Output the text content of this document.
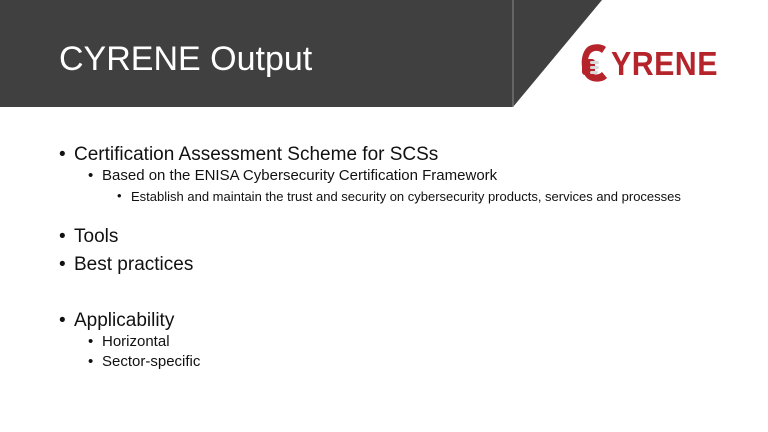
CYRENE Output	YRENE
• Certification Assessment Scheme for SCSs
• Based on the ENISA Cybersecurity Certification Framework
• Establish and maintain the trust and security on cybersecurity products, services and processes
• Tools
• Best practices
• Applicability
• Horizontal
• Sector-specific
